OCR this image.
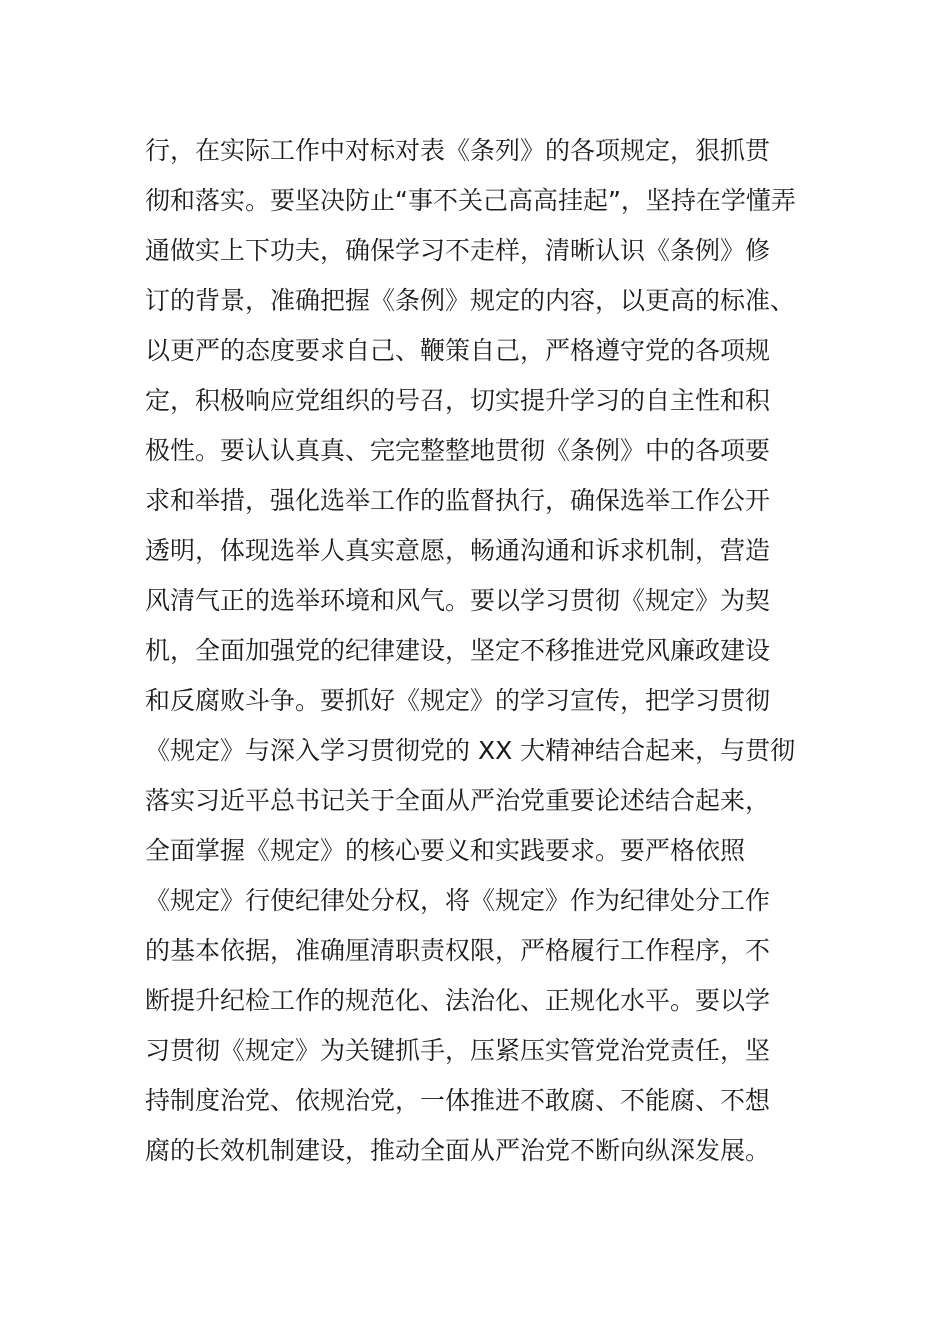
行，在实际工作中对标对表《条列》的各项规定，狠抓贯
彻和落实。要坚决防止“事不关己高高挂起”，坚持在学懂弄
通做实上下功夫，确保学习不走样，清晰认识《条例》修
订的背景，准确把握《条例》规定的内容，以更高的标准、
以更严的态度要求自己、鞭策自己，严格遵守党的各项规
定，积极响应党组织的号召，切实提升学习的自主性和积
极性。要认认真真、完完整整地贯彻《条例》中的各项要
求和举措，强化选举工作的监督执行，确保选举工作公开
透明，体现选举人真实意愿，畅通沟通和诉求机制，营造
风清气正的选举环境和风气。要以学习贯彻《规定》为契
机，全面加强党的纪律建设，坚定不移推进党风廉政建设
和反腐败斗争。要抓好《规定》的学习宣传，把学习贯彻
《规定》与深入学习贯彻党的 XX 大精神结合起来，与贯彻
落实习近平总书记关于全面从严治党重要论述结合起来，
全面掌握《规定》的核心要义和实践要求。要严格依照
《规定》行使纪律处分权，将《规定》作为纪律处分工作
的基本依据，准确厘清职责权限，严格履行工作程序，不
断提升纪检工作的规范化、法治化、正规化水平。要以学
习贯彻《规定》为关键抓手，压紧压实管党治党责任，坚
持制度治党、依规治党，一体推进不敢腐、不能腐、不想
腐的长效机制建设，推动全面从严治党不断向纵深发展。
